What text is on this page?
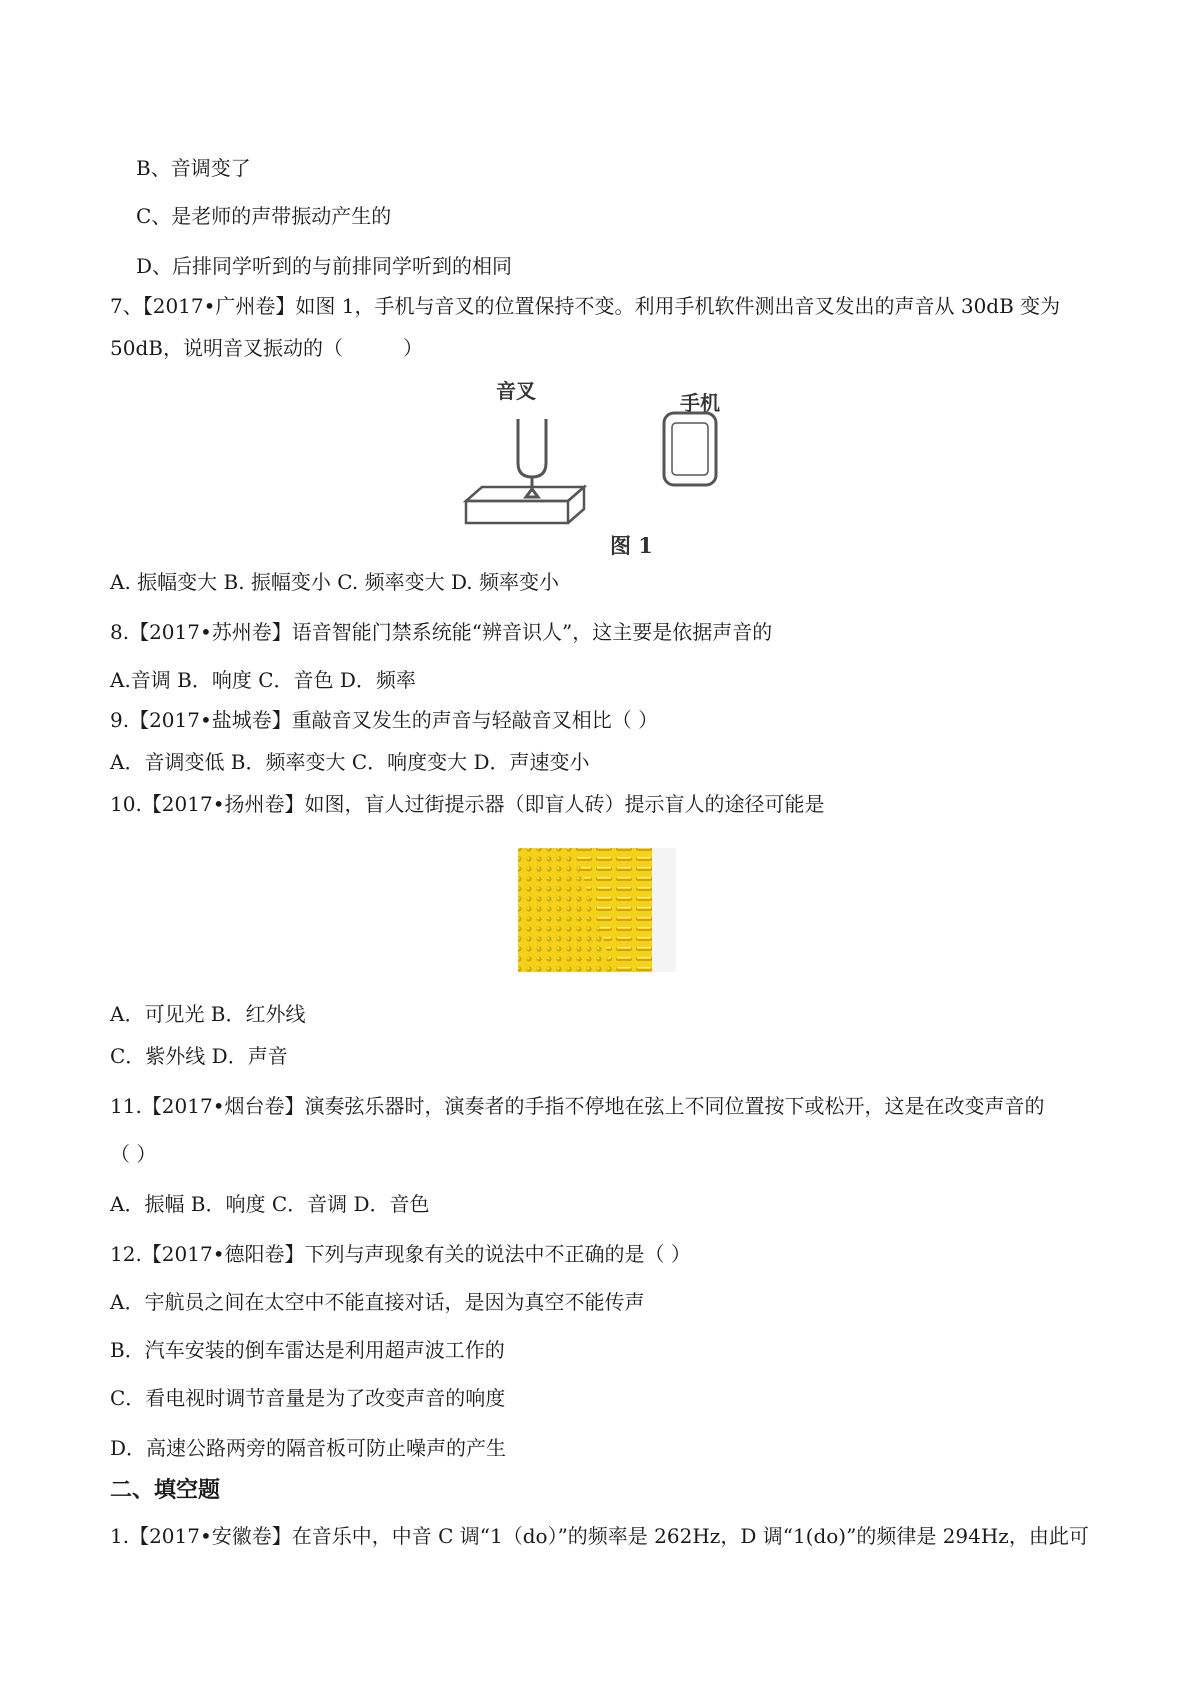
B、音调变了
C、是老师的声带振动产生的
D、后排同学听到的与前排同学听到的相同
7、【2017•广州卷】如图 1，手机与音叉的位置保持不变。利用手机软件测出音叉发出的声音从 30dB 变为
50dB，说明音叉振动的（　　　）
音叉	手机
图 1
A. 振幅变大 B. 振幅变小 C. 频率变大 D. 频率变小
8.【2017•苏州卷】语音智能门禁系统能“辨音识人”，这主要是依据声音的
A.音调 B．响度 C．音色 D．频率
9.【2017•盐城卷】重敲音叉发生的声音与轻敲音叉相比（ ）
A．音调变低 B．频率变大 C．响度变大 D．声速变小
10.【2017•扬州卷】如图，盲人过街提示器（即盲人砖）提示盲人的途径可能是
A．可见光 B．红外线
C．紫外线 D．声音
11.【2017•烟台卷】演奏弦乐器时，演奏者的手指不停地在弦上不同位置按下或松开，这是在改变声音的
（ ）
A．振幅 B．响度 C．音调 D．音色
12.【2017•德阳卷】下列与声现象有关的说法中不正确的是（ ）
A．宇航员之间在太空中不能直接对话，是因为真空不能传声
B．汽车安装的倒车雷达是利用超声波工作的
C．看电视时调节音量是为了改变声音的响度
D．高速公路两旁的隔音板可防止噪声的产生
二、填空题
1.【2017•安徽卷】在音乐中，中音 C 调“1（do）”的频率是 262Hz，D 调“1(do)”的频律是 294Hz，由此可
